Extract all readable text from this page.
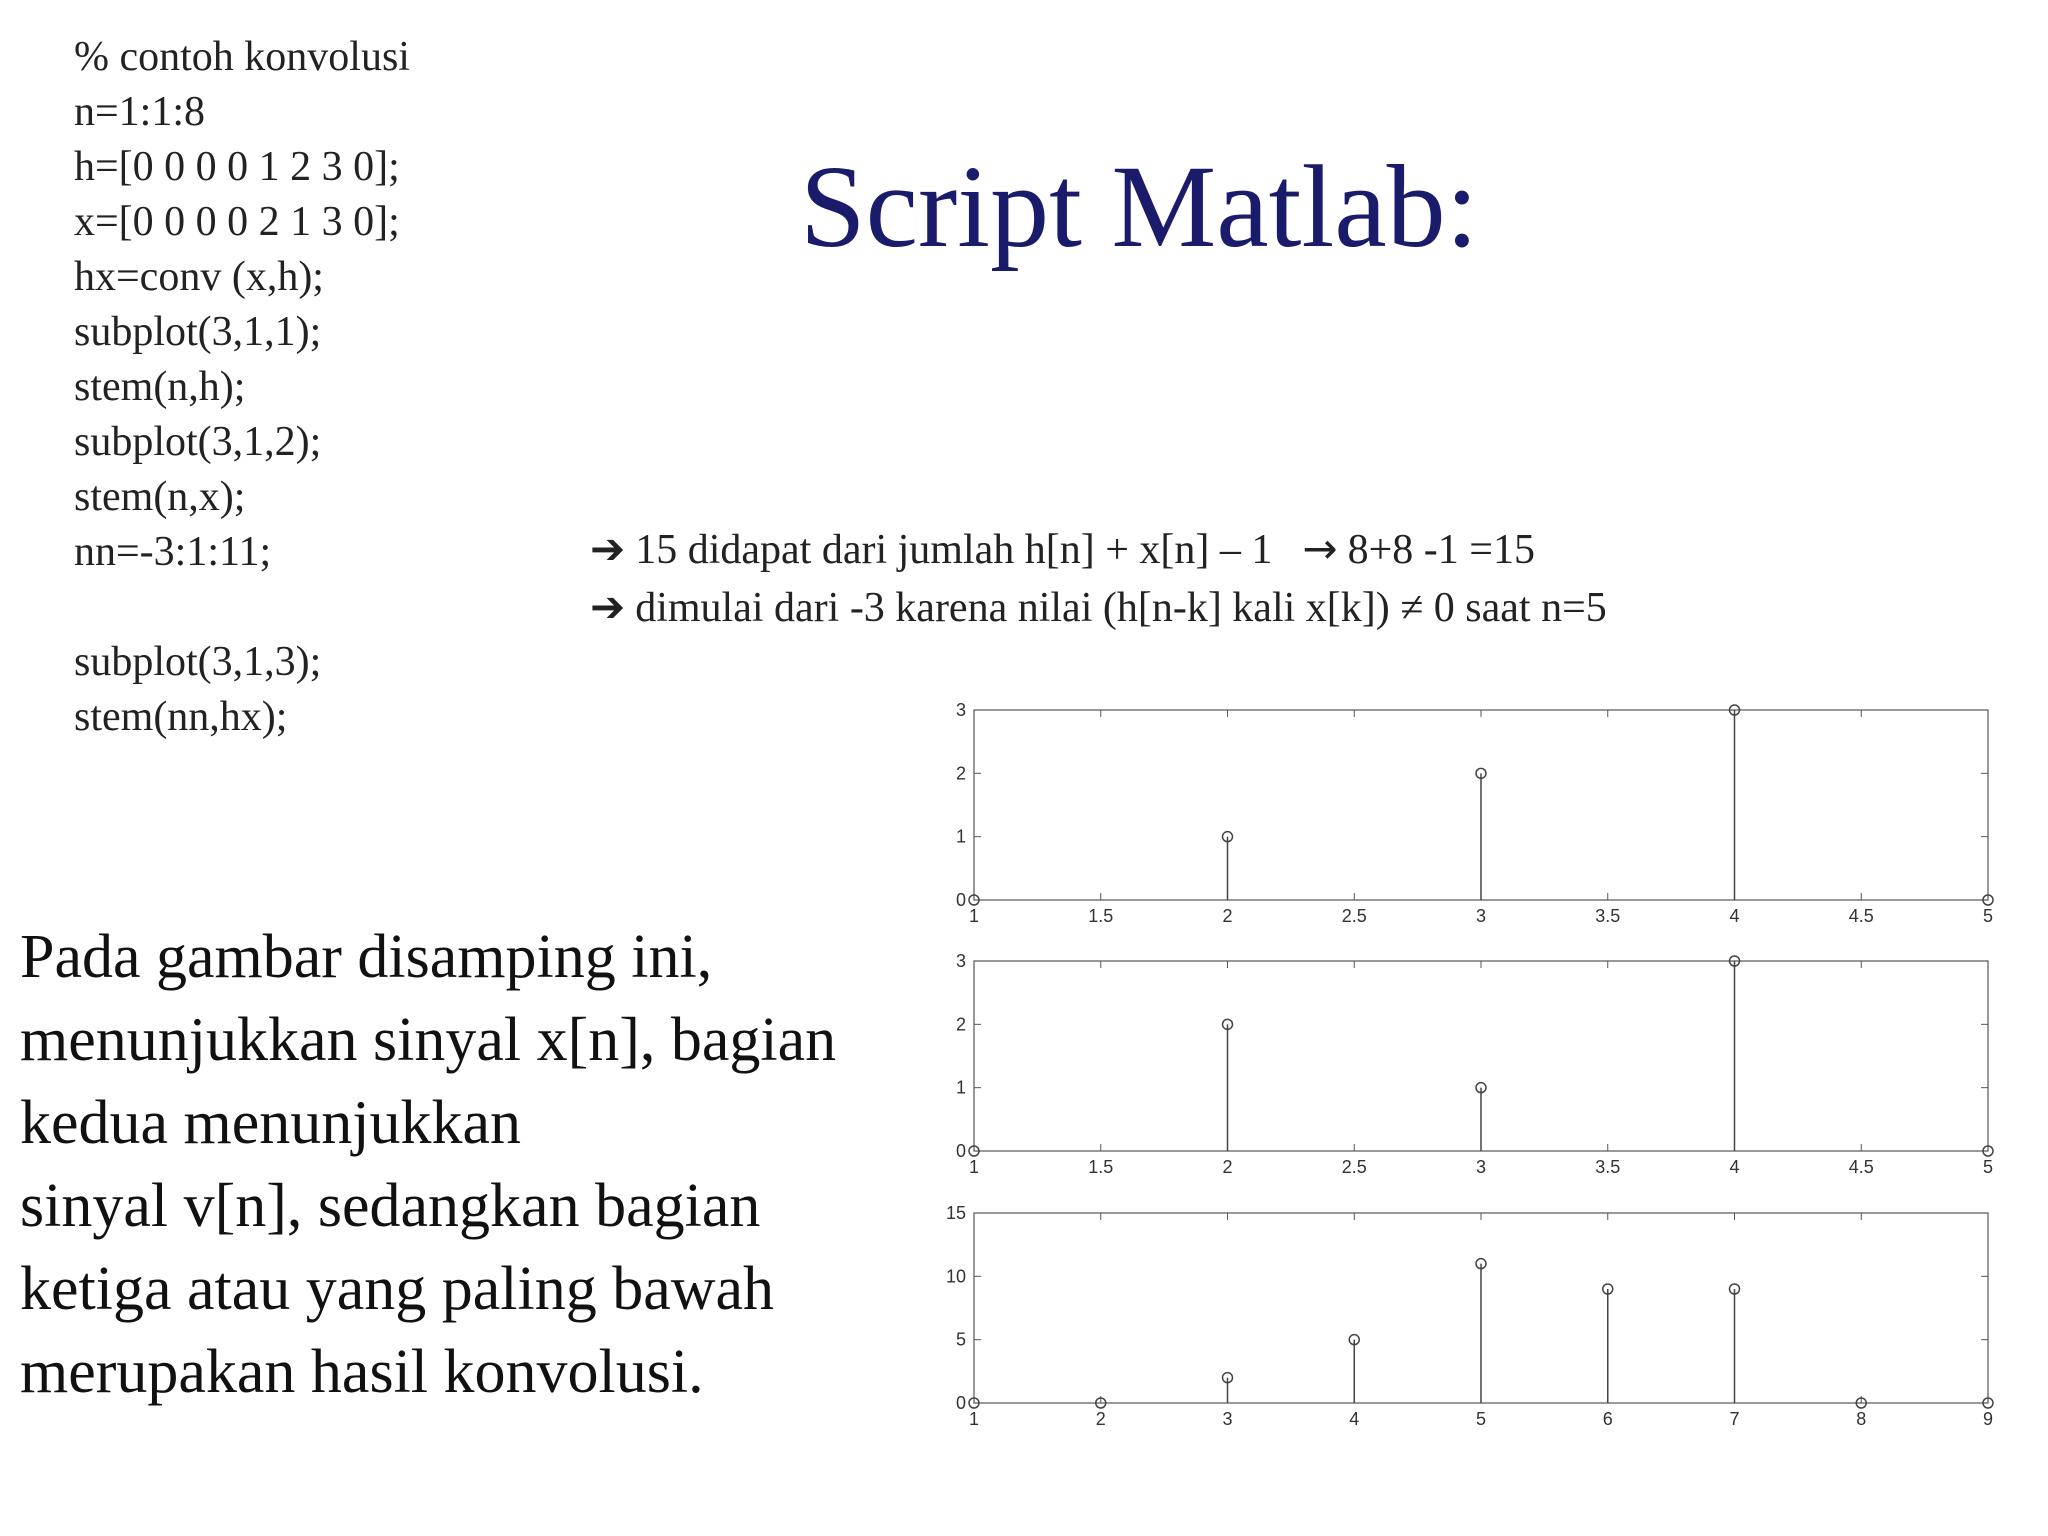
% contoh konvolusi
n=1:1:8
h=[0 0 0 0 1 2 3 0];
x=[0 0 0 0 2 1 3 0];
hx=conv (x,h);
subplot(3,1,1);
stem(n,h);
subplot(3,1,2);
stem(n,x);
nn=-3:1:11;
subplot(3,1,3);
stem(nn,hx);
Script Matlab:
➔ 15 didapat dari jumlah h[n] + x[n] – 1 → 8+8 -1 =15
➔ dimulai dari -3 karena nilai (h[n-k] kali x[k]) ≠ 0 saat n=5
Pada gambar disamping ini,
menunjukkan sinyal x[n], bagian
kedua menunjukkan
sinyal v[n], sedangkan bagian
ketiga atau yang paling bawah
merupakan hasil konvolusi.
1	1.5	2	2.5	3	3.5	4	4.5	5
0
1
2
3
1	1.5	2	2.5	3	3.5	4	4.5	5
0
1
2
3
1	2	3	4	5	6	7	8	9
0
5
10
15
